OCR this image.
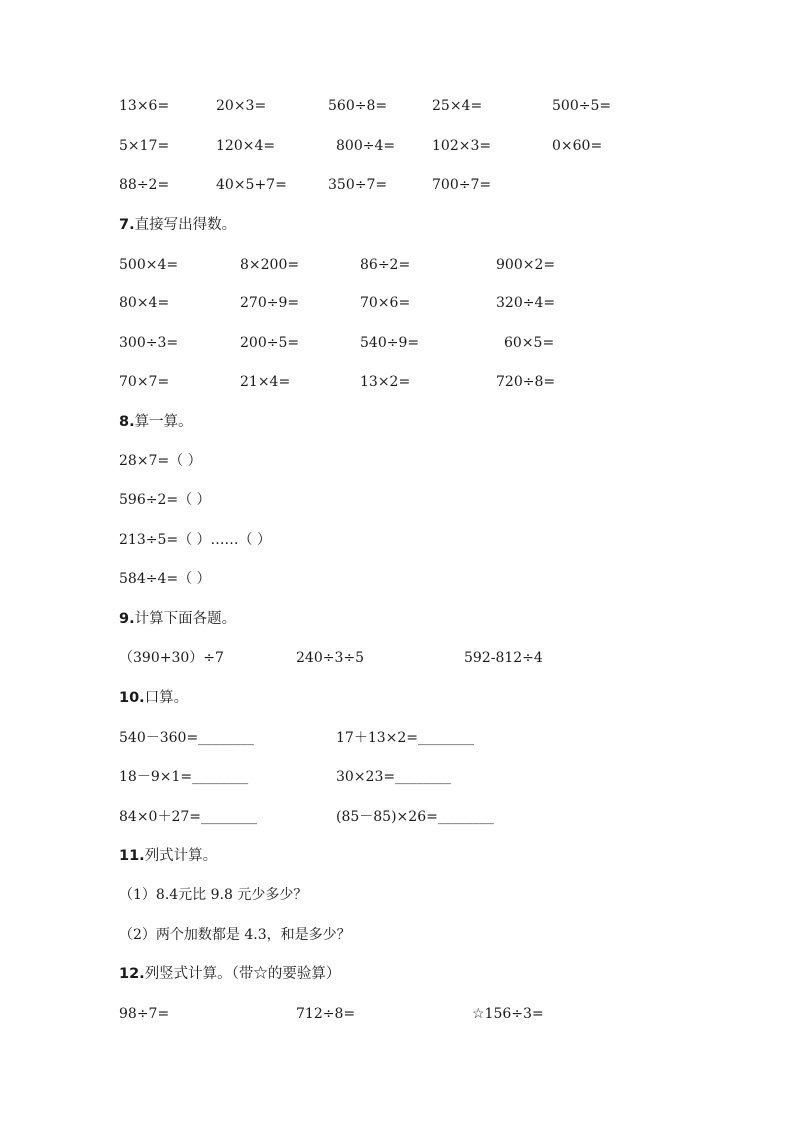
13×6=	20×3=	560÷8=	25×4=	500÷5=
5×17=	120×4=	800÷4=	102×3=	0×60=
88÷2=	40×5+7=	350÷7=	700÷7=
7.直接写出得数。
500×4=	8×200=	86÷2=	900×2=
80×4=	270÷9=	70×6=	320÷4=
300÷3=	200÷5=	540÷9=	60×5=
70×7=	21×4=	13×2=	720÷8=
8.算一算。
28×7=（ ）
596÷2=（ ）
213÷5=（ ）……（ ）
584÷4=（ ）
9.计算下面各题。
（390+30）÷7	240÷3÷5	592-812÷4
10.口算。
540－360=________	17＋13×2=________
18－9×1=________	30×23=________
84×0＋27=________	(85－85)×26=________
11.列式计算。
（1）8.4元比 9.8 元少多少？
（2）两个加数都是 4.3，和是多少？
12.列竖式计算。（带☆的要验算）
98÷7=	712÷8=	☆156÷3=
